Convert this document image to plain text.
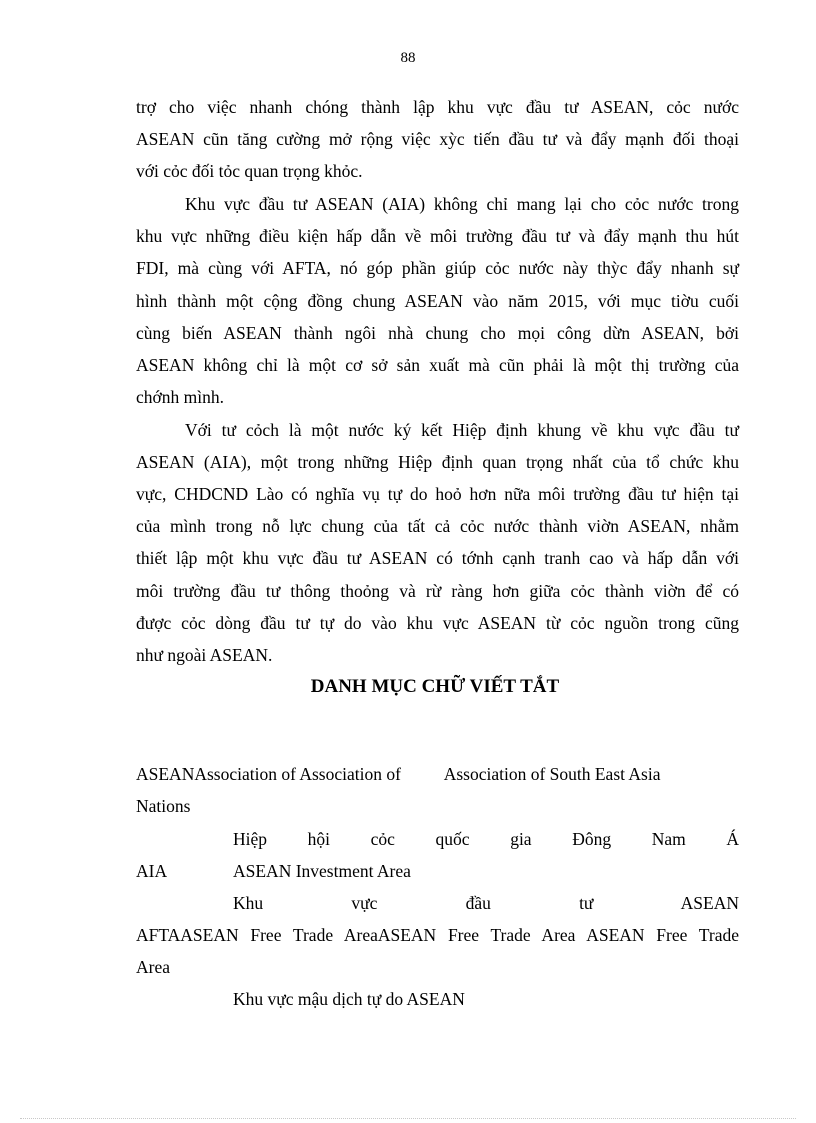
88
trợ cho việc nhanh chóng thành lập khu vực đầu tư ASEAN, cỏc nước
ASEAN cũn tăng cường mở rộng việc xỳc tiến đầu tư và đẩy mạnh đối thoại
với cỏc đối tỏc quan trọng khỏc.
Khu vực đầu tư ASEAN (AIA) không chỉ mang lại cho cỏc nước trong
khu vực những điều kiện hấp dẫn về môi trường đầu tư và đẩy mạnh thu hút
FDI, mà cùng với AFTA, nó góp phần giúp cỏc nước này thỳc đẩy nhanh sự
hình thành một cộng đồng chung ASEAN vào năm 2015, với mục tiờu cuối
cùng biến ASEAN thành ngôi nhà chung cho mọi công dừn ASEAN, bởi
ASEAN không chỉ là một cơ sở sản xuất mà cũn phải là một thị trường của
chớnh mình.
Với tư cỏch là một nước ký kết Hiệp định khung về khu vực đầu tư
ASEAN (AIA), một trong những Hiệp định quan trọng nhất của tổ chức khu
vực, CHDCND Lào có nghĩa vụ tự do hoỏ hơn nữa môi trường đầu tư hiện tại
của mình trong nỗ lực chung của tất cả cỏc nước thành viờn ASEAN, nhằm
thiết lập một khu vực đầu tư ASEAN có tớnh cạnh tranh cao và hấp dẫn với
môi trường đầu tư thông thoỏng và rừ ràng hơn giữa cỏc thành viờn để có
được cỏc dòng đầu tư tự do vào khu vực ASEAN từ cỏc nguồn trong cũng
như ngoài ASEAN.
DANH MỤC CHỮ VIẾT TẮT
ASEANAssociation of Association of          Association of South East Asia
Nations
Hiệp hội cỏc quốc gia Đông Nam Á
AIA	ASEAN Investment Area
Khu vực đầu tư ASEAN
AFTAASEAN Free Trade AreaASEAN Free Trade Area ASEAN Free Trade
Area
Khu vực mậu dịch tự do ASEAN
